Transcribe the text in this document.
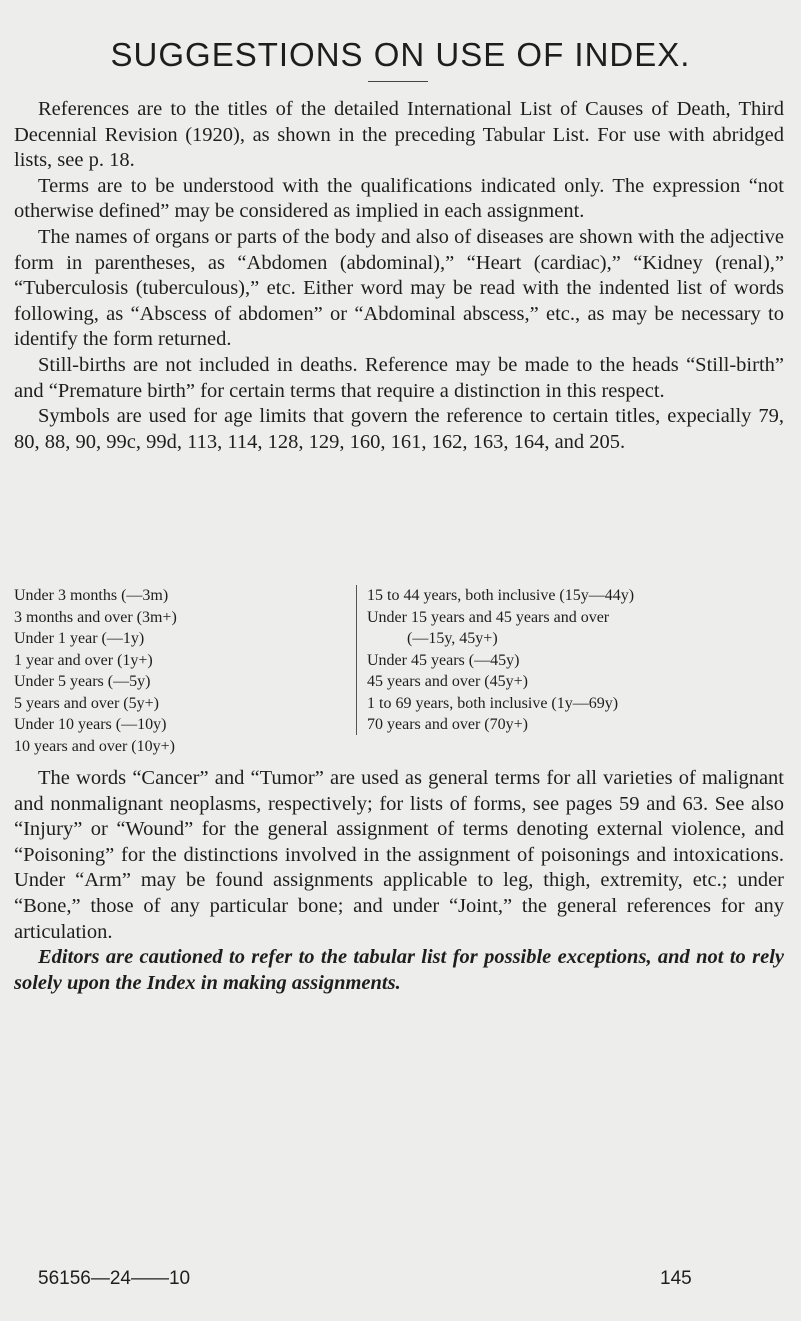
SUGGESTIONS ON USE OF INDEX.

References are to the titles of the detailed International List of Causes of Death, Third Decennial Revision (1920), as shown in the preceding Tabular List. For use with abridged lists, see p. 18.

Terms are to be understood with the qualifications indicated only. The expression “not otherwise defined” may be considered as implied in each assignment.

The names of organs or parts of the body and also of diseases are shown with the adjective form in parentheses, as “Abdomen (abdominal),” “Heart (cardiac),” “Kidney (renal),” “Tuberculosis (tuberculous),” etc. Either word may be read with the indented list of words following, as “Abscess of abdomen” or “Abdominal abscess,” etc., as may be necessary to identify the form returned.

Still-births are not included in deaths. Reference may be made to the heads “Still-birth” and “Premature birth” for certain terms that require a distinction in this respect.

Symbols are used for age limits that govern the reference to certain titles, expecially 79, 80, 88, 90, 99c, 99d, 113, 114, 128, 129, 160, 161, 162, 163, 164, and 205.

Under 3 months (—3m)
3 months and over (3m+)
Under 1 year (—1y)
1 year and over (1y+)
Under 5 years (—5y)
5 years and over (5y+)
Under 10 years (—10y)
10 years and over (10y+)
15 to 44 years, both inclusive (15y—44y)
Under 15 years and 45 years and over
(—15y, 45y+)
Under 45 years (—45y)
45 years and over (45y+)
1 to 69 years, both inclusive (1y—69y)
70 years and over (70y+)

The words “Cancer” and “Tumor” are used as general terms for all varieties of malignant and nonmalignant neoplasms, respectively; for lists of forms, see pages 59 and 63. See also “Injury” or “Wound” for the general assignment of terms denoting external violence, and “Poisoning” for the distinctions involved in the assignment of poisonings and intoxications. Under “Arm” may be found assignments applicable to leg, thigh, extremity, etc.; under “Bone,” those of any particular bone; and under “Joint,” the general references for any articulation.

Editors are cautioned to refer to the tabular list for possible exceptions, and not to rely solely upon the Index in making assignments.

56156—24——10	145
